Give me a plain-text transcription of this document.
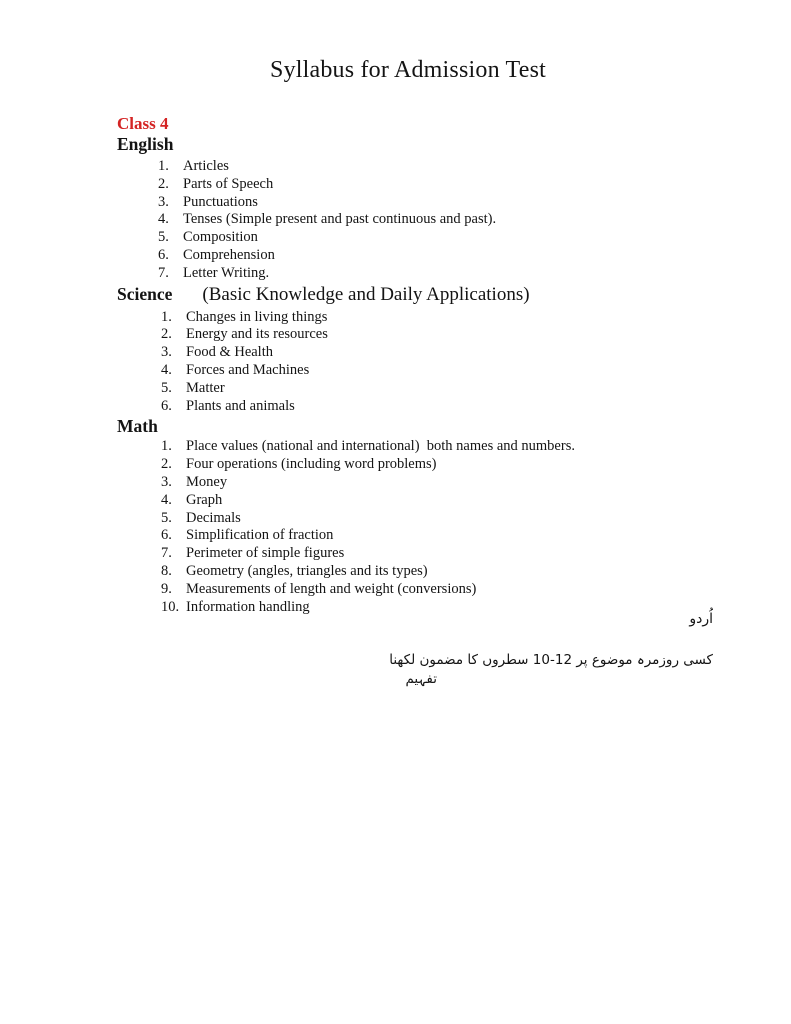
Syllabus for Admission Test
Class 4
English
1. Articles
2. Parts of Speech
3. Punctuations
4. Tenses (Simple present and past continuous and past).
5. Composition
6. Comprehension
7. Letter Writing.
Science (Basic Knowledge and Daily Applications)
1. Changes in living things
2. Energy and its resources
3. Food & Health
4. Forces and Machines
5. Matter
6. Plants and animals
Math
1. Place values (national and international)  both names and numbers.
2. Four operations (including word problems)
3. Money
4. Graph
5. Decimals
6. Simplification of fraction
7. Perimeter of simple figures
8. Geometry (angles, triangles and its types)
9. Measurements of length and weight (conversions)
10. Information handling
اُردو
کسی روزمرہ موضوع پر 12-10 سطروں کا مضمون لکھنا
تفہیم
